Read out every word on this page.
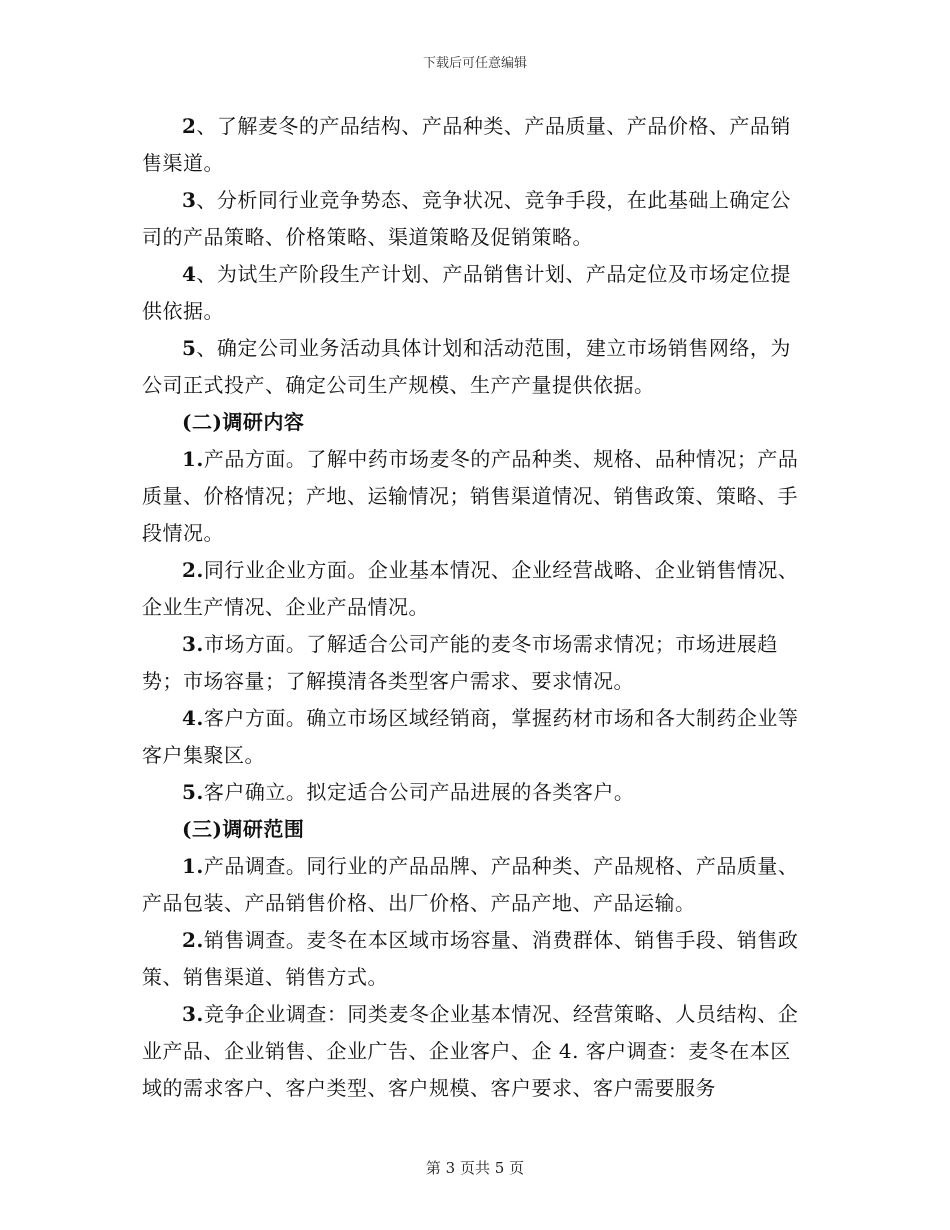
下载后可任意编辑

2、了解麦冬的产品结构、产品种类、产品质量、产品价格、产品销售渠道。

3、分析同行业竞争势态、竞争状况、竞争手段，在此基础上确定公司的产品策略、价格策略、渠道策略及促销策略。

4、为试生产阶段生产计划、产品销售计划、产品定位及市场定位提供依据。

5、确定公司业务活动具体计划和活动范围，建立市场销售网络，为公司正式投产、确定公司生产规模、生产产量提供依据。

(二)调研内容

1.产品方面。了解中药市场麦冬的产品种类、规格、品种情况；产品质量、价格情况；产地、运输情况；销售渠道情况、销售政策、策略、手段情况。

2.同行业企业方面。企业基本情况、企业经营战略、企业销售情况、企业生产情况、企业产品情况。

3.市场方面。了解适合公司产能的麦冬市场需求情况；市场进展趋势；市场容量；了解摸清各类型客户需求、要求情况。

4.客户方面。确立市场区域经销商，掌握药材市场和各大制药企业等客户集聚区。

5.客户确立。拟定适合公司产品进展的各类客户。

(三)调研范围

1.产品调查。同行业的产品品牌、产品种类、产品规格、产品质量、产品包装、产品销售价格、出厂价格、产品产地、产品运输。

2.销售调查。麦冬在本区域市场容量、消费群体、销售手段、销售政策、销售渠道、销售方式。

3.竞争企业调查：同类麦冬企业基本情况、经营策略、人员结构、企业产品、企业销售、企业广告、企业客户、企 4. 客户调查：麦冬在本区域的需求客户、客户类型、客户规模、客户要求、客户需要服务

第 3 页共 5 页
